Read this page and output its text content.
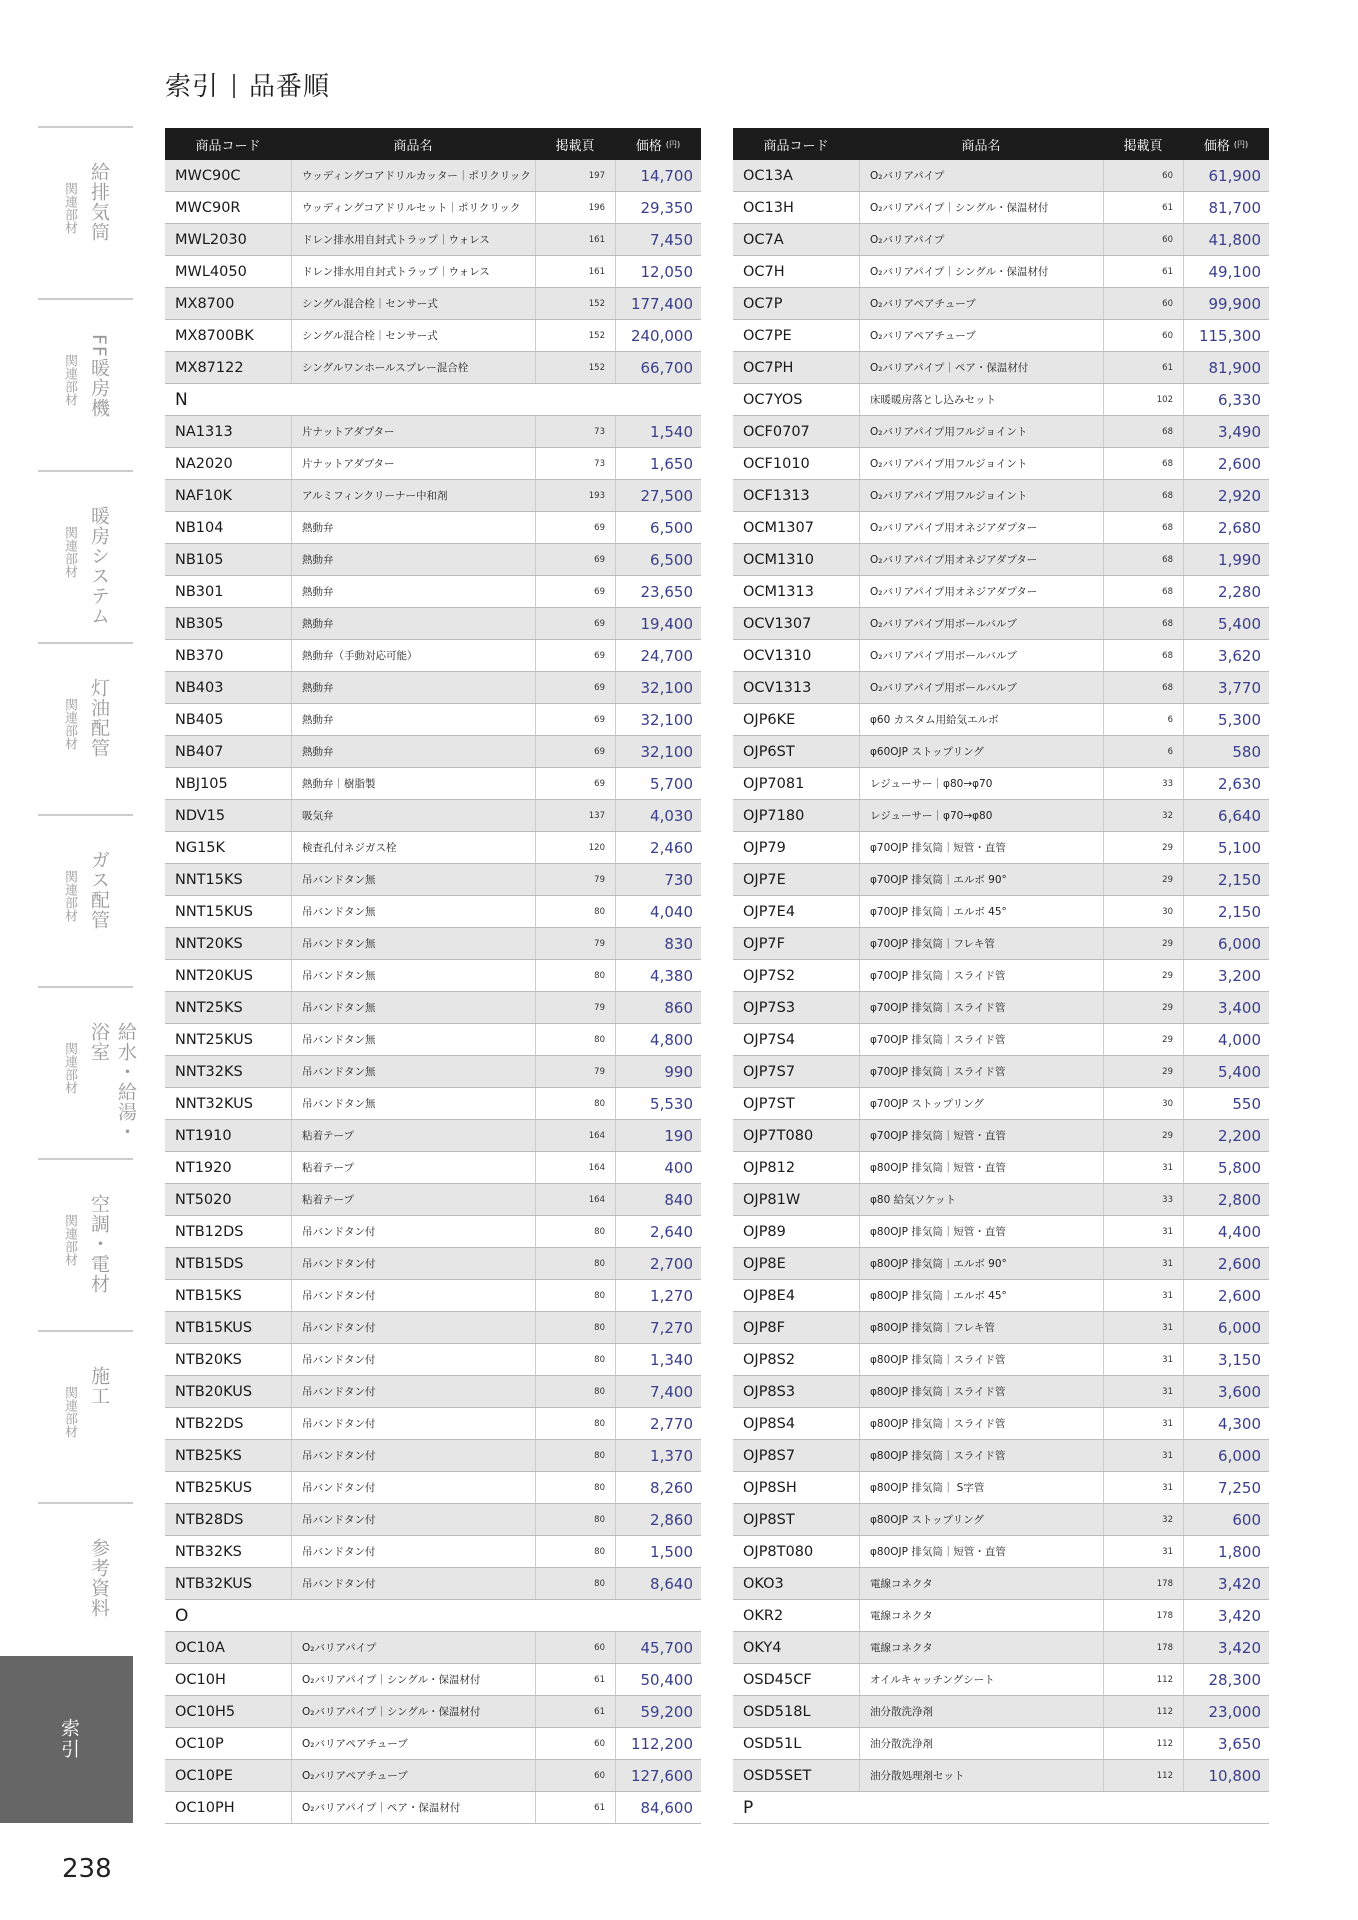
索引 品番順
給排気筒
関連部材
FF暖房機
関連部材
暖房システム
関連部材
灯油配管
関連部材
ガス配管
関連部材
給水・給湯・浴室
関連部材
空調・電材
関連部材
施工
関連部材
参考資料
索引
商品コード	商品名	掲載頁	価格 (円)
MWC90C	ウッディングコアドリルカッター｜ポリクリック	197	14,700
MWC90R	ウッディングコアドリルセット｜ポリクリック	196	29,350
MWL2030	ドレン排水用自封式トラップ｜ウォレス	161	7,450
MWL4050	ドレン排水用自封式トラップ｜ウォレス	161	12,050
MX8700	シングル混合栓｜センサー式	152	177,400
MX8700BK	シングル混合栓｜センサー式	152	240,000
MX87122	シングルワンホールスプレー混合栓	152	66,700
N
NA1313	片ナットアダプター	73	1,540
NA2020	片ナットアダプター	73	1,650
NAF10K	アルミフィンクリーナー中和剤	193	27,500
NB104	熱動弁	69	6,500
NB105	熱動弁	69	6,500
NB301	熱動弁	69	23,650
NB305	熱動弁	69	19,400
NB370	熱動弁（手動対応可能）	69	24,700
NB403	熱動弁	69	32,100
NB405	熱動弁	69	32,100
NB407	熱動弁	69	32,100
NBJ105	熱動弁｜樹脂製	69	5,700
NDV15	吸気弁	137	4,030
NG15K	検査孔付ネジガス栓	120	2,460
NNT15KS	吊バンドタン無	79	730
NNT15KUS	吊バンドタン無	80	4,040
NNT20KS	吊バンドタン無	79	830
NNT20KUS	吊バンドタン無	80	4,380
NNT25KS	吊バンドタン無	79	860
NNT25KUS	吊バンドタン無	80	4,800
NNT32KS	吊バンドタン無	79	990
NNT32KUS	吊バンドタン無	80	5,530
NT1910	粘着テープ	164	190
NT1920	粘着テープ	164	400
NT5020	粘着テープ	164	840
NTB12DS	吊バンドタン付	80	2,640
NTB15DS	吊バンドタン付	80	2,700
NTB15KS	吊バンドタン付	80	1,270
NTB15KUS	吊バンドタン付	80	7,270
NTB20KS	吊バンドタン付	80	1,340
NTB20KUS	吊バンドタン付	80	7,400
NTB22DS	吊バンドタン付	80	2,770
NTB25KS	吊バンドタン付	80	1,370
NTB25KUS	吊バンドタン付	80	8,260
NTB28DS	吊バンドタン付	80	2,860
NTB32KS	吊バンドタン付	80	1,500
NTB32KUS	吊バンドタン付	80	8,640
O
OC10A	O₂バリアパイプ	60	45,700
OC10H	O₂バリアパイプ｜シングル・保温材付	61	50,400
OC10H5	O₂バリアパイプ｜シングル・保温材付	61	59,200
OC10P	O₂バリアペアチューブ	60	112,200
OC10PE	O₂バリアペアチューブ	60	127,600
OC10PH	O₂バリアパイプ｜ペア・保温材付	61	84,600
商品コード	商品名	掲載頁	価格 (円)
OC13A	O₂バリアパイプ	60	61,900
OC13H	O₂バリアパイプ｜シングル・保温材付	61	81,700
OC7A	O₂バリアパイプ	60	41,800
OC7H	O₂バリアパイプ｜シングル・保温材付	61	49,100
OC7P	O₂バリアペアチューブ	60	99,900
OC7PE	O₂バリアペアチューブ	60	115,300
OC7PH	O₂バリアパイプ｜ペア・保温材付	61	81,900
OC7YOS	床暖暖房落とし込みセット	102	6,330
OCF0707	O₂バリアパイプ用フルジョイント	68	3,490
OCF1010	O₂バリアパイプ用フルジョイント	68	2,600
OCF1313	O₂バリアパイプ用フルジョイント	68	2,920
OCM1307	O₂バリアパイプ用オネジアダプター	68	2,680
OCM1310	O₂バリアパイプ用オネジアダプター	68	1,990
OCM1313	O₂バリアパイプ用オネジアダプター	68	2,280
OCV1307	O₂バリアパイプ用ボールバルブ	68	5,400
OCV1310	O₂バリアパイプ用ボールバルブ	68	3,620
OCV1313	O₂バリアパイプ用ボールバルブ	68	3,770
OJP6KE	φ60 カスタム用給気エルボ	6	5,300
OJP6ST	φ60OJP ストップリング	6	580
OJP7081	レジューサー｜φ80→φ70	33	2,630
OJP7180	レジューサー｜φ70→φ80	32	6,640
OJP79	φ70OJP 排気筒｜短管・直管	29	5,100
OJP7E	φ70OJP 排気筒｜エルボ 90°	29	2,150
OJP7E4	φ70OJP 排気筒｜エルボ 45°	30	2,150
OJP7F	φ70OJP 排気筒｜フレキ管	29	6,000
OJP7S2	φ70OJP 排気筒｜スライド管	29	3,200
OJP7S3	φ70OJP 排気筒｜スライド管	29	3,400
OJP7S4	φ70OJP 排気筒｜スライド管	29	4,000
OJP7S7	φ70OJP 排気筒｜スライド管	29	5,400
OJP7ST	φ70OJP ストップリング	30	550
OJP7T080	φ70OJP 排気筒｜短管・直管	29	2,200
OJP812	φ80OJP 排気筒｜短管・直管	31	5,800
OJP81W	φ80 給気ソケット	33	2,800
OJP89	φ80OJP 排気筒｜短管・直管	31	4,400
OJP8E	φ80OJP 排気筒｜エルボ 90°	31	2,600
OJP8E4	φ80OJP 排気筒｜エルボ 45°	31	2,600
OJP8F	φ80OJP 排気筒｜フレキ管	31	6,000
OJP8S2	φ80OJP 排気筒｜スライド管	31	3,150
OJP8S3	φ80OJP 排気筒｜スライド管	31	3,600
OJP8S4	φ80OJP 排気筒｜スライド管	31	4,300
OJP8S7	φ80OJP 排気筒｜スライド管	31	6,000
OJP8SH	φ80OJP 排気筒｜ S字管	31	7,250
OJP8ST	φ80OJP ストップリング	32	600
OJP8T080	φ80OJP 排気筒｜短管・直管	31	1,800
OKO3	電線コネクタ	178	3,420
OKR2	電線コネクタ	178	3,420
OKY4	電線コネクタ	178	3,420
OSD45CF	オイルキャッチングシート	112	28,300
OSD518L	油分散洗浄剤	112	23,000
OSD51L	油分散洗浄剤	112	3,650
OSD5SET	油分散処理剤セット	112	10,800
P
238
